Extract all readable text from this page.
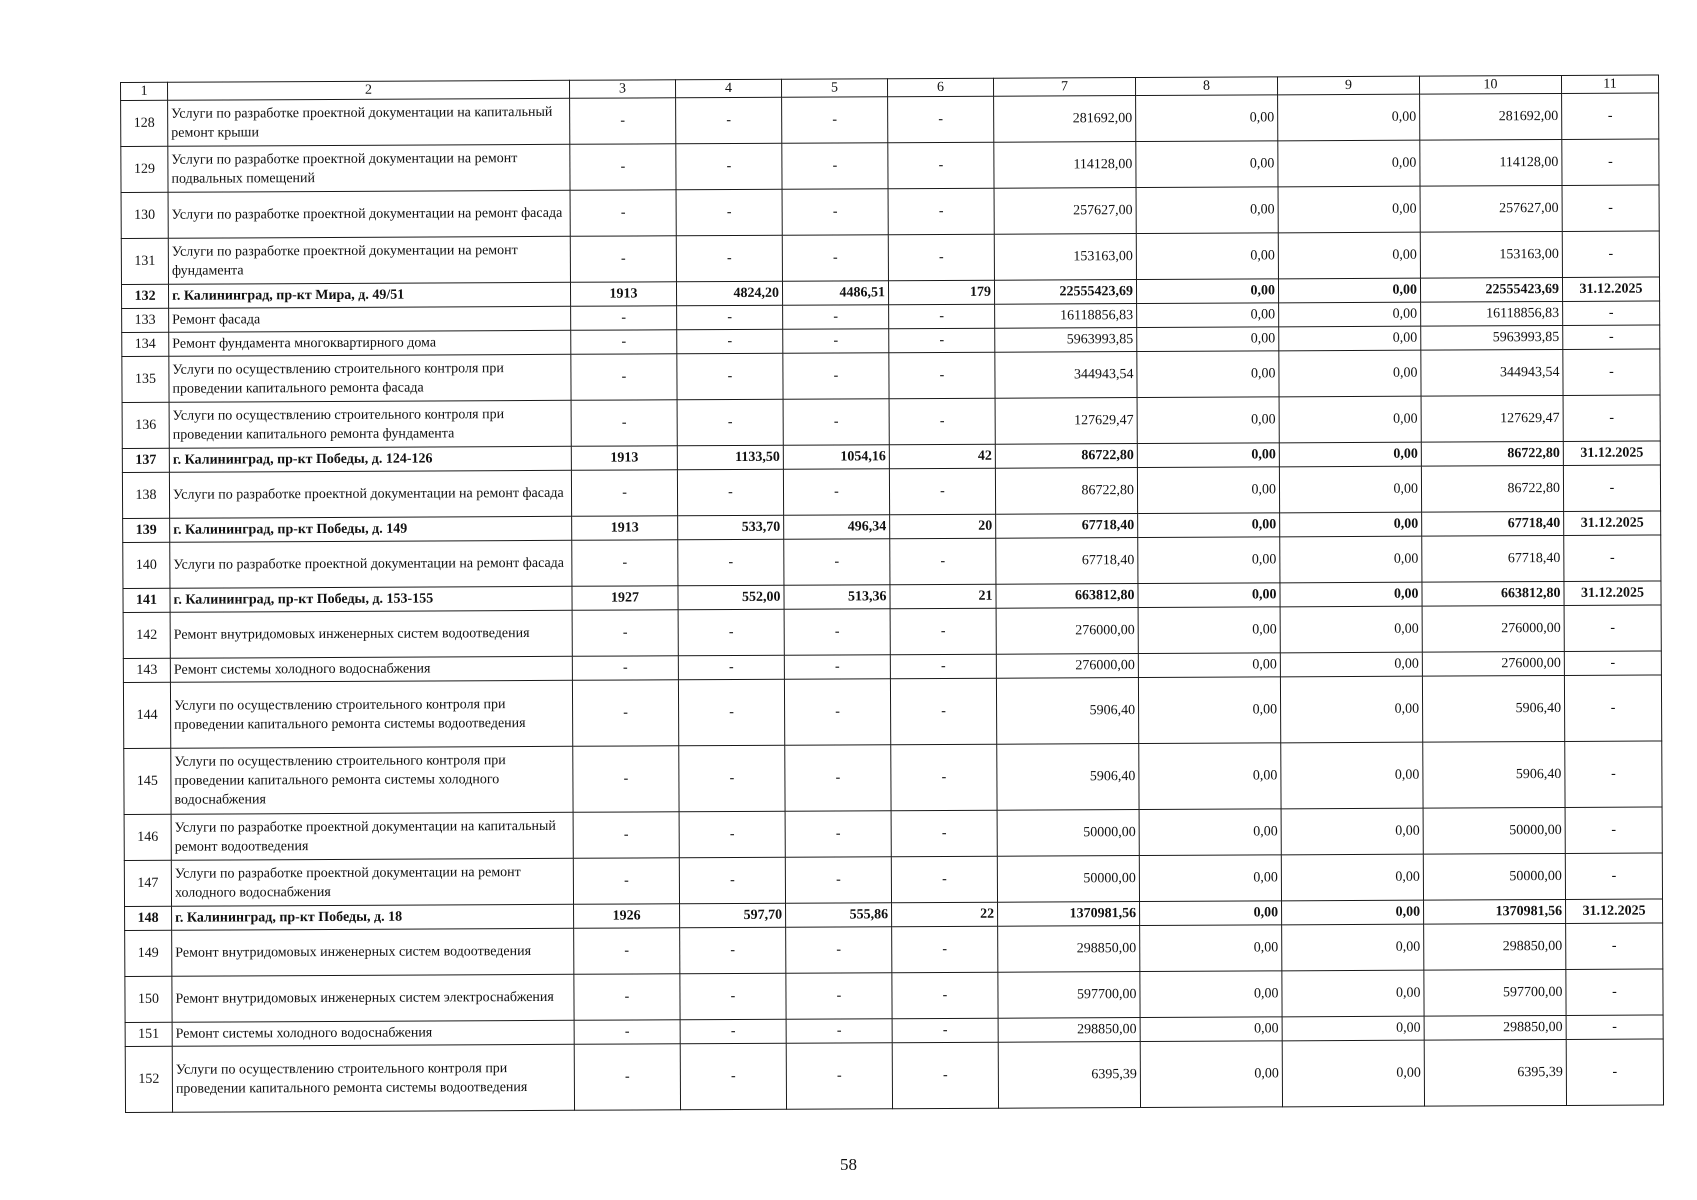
1	2	3	4	5	6	7	8	9	10	11
128	Услуги по разработке проектной документации на капитальный ремонт крыши	-	-	-	-	281692,00	0,00	0,00	281692,00	-
129	Услуги по разработке проектной документации на ремонт подвальных помещений	-	-	-	-	114128,00	0,00	0,00	114128,00	-
130	Услуги по разработке проектной документации на ремонт фасада	-	-	-	-	257627,00	0,00	0,00	257627,00	-
131	Услуги по разработке проектной документации на ремонт фундамента	-	-	-	-	153163,00	0,00	0,00	153163,00	-
132	г. Калининград, пр-кт Мира, д. 49/51	1913	4824,20	4486,51	179	22555423,69	0,00	0,00	22555423,69	31.12.2025
133	Ремонт фасада	-	-	-	-	16118856,83	0,00	0,00	16118856,83	-
134	Ремонт фундамента многоквартирного дома	-	-	-	-	5963993,85	0,00	0,00	5963993,85	-
135	Услуги по осуществлению строительного контроля при проведении капитального ремонта фасада	-	-	-	-	344943,54	0,00	0,00	344943,54	-
136	Услуги по осуществлению строительного контроля при проведении капитального ремонта фундамента	-	-	-	-	127629,47	0,00	0,00	127629,47	-
137	г. Калининград, пр-кт Победы, д. 124-126	1913	1133,50	1054,16	42	86722,80	0,00	0,00	86722,80	31.12.2025
138	Услуги по разработке проектной документации на ремонт фасада	-	-	-	-	86722,80	0,00	0,00	86722,80	-
139	г. Калининград, пр-кт Победы, д. 149	1913	533,70	496,34	20	67718,40	0,00	0,00	67718,40	31.12.2025
140	Услуги по разработке проектной документации на ремонт фасада	-	-	-	-	67718,40	0,00	0,00	67718,40	-
141	г. Калининград, пр-кт Победы, д. 153-155	1927	552,00	513,36	21	663812,80	0,00	0,00	663812,80	31.12.2025
142	Ремонт внутридомовых инженерных систем водоотведения	-	-	-	-	276000,00	0,00	0,00	276000,00	-
143	Ремонт системы холодного водоснабжения	-	-	-	-	276000,00	0,00	0,00	276000,00	-
144	Услуги по осуществлению строительного контроля при проведении капитального ремонта системы водоотведения	-	-	-	-	5906,40	0,00	0,00	5906,40	-
145	Услуги по осуществлению строительного контроля при проведении капитального ремонта системы холодного водоснабжения	-	-	-	-	5906,40	0,00	0,00	5906,40	-
146	Услуги по разработке проектной документации на капитальный ремонт водоотведения	-	-	-	-	50000,00	0,00	0,00	50000,00	-
147	Услуги по разработке проектной документации на ремонт холодного водоснабжения	-	-	-	-	50000,00	0,00	0,00	50000,00	-
148	г. Калининград, пр-кт Победы, д. 18	1926	597,70	555,86	22	1370981,56	0,00	0,00	1370981,56	31.12.2025
149	Ремонт внутридомовых инженерных систем водоотведения	-	-	-	-	298850,00	0,00	0,00	298850,00	-
150	Ремонт внутридомовых инженерных систем электроснабжения	-	-	-	-	597700,00	0,00	0,00	597700,00	-
151	Ремонт системы холодного водоснабжения	-	-	-	-	298850,00	0,00	0,00	298850,00	-
152	Услуги по осуществлению строительного контроля при проведении капитального ремонта системы водоотведения	-	-	-	-	6395,39	0,00	0,00	6395,39	-
58
